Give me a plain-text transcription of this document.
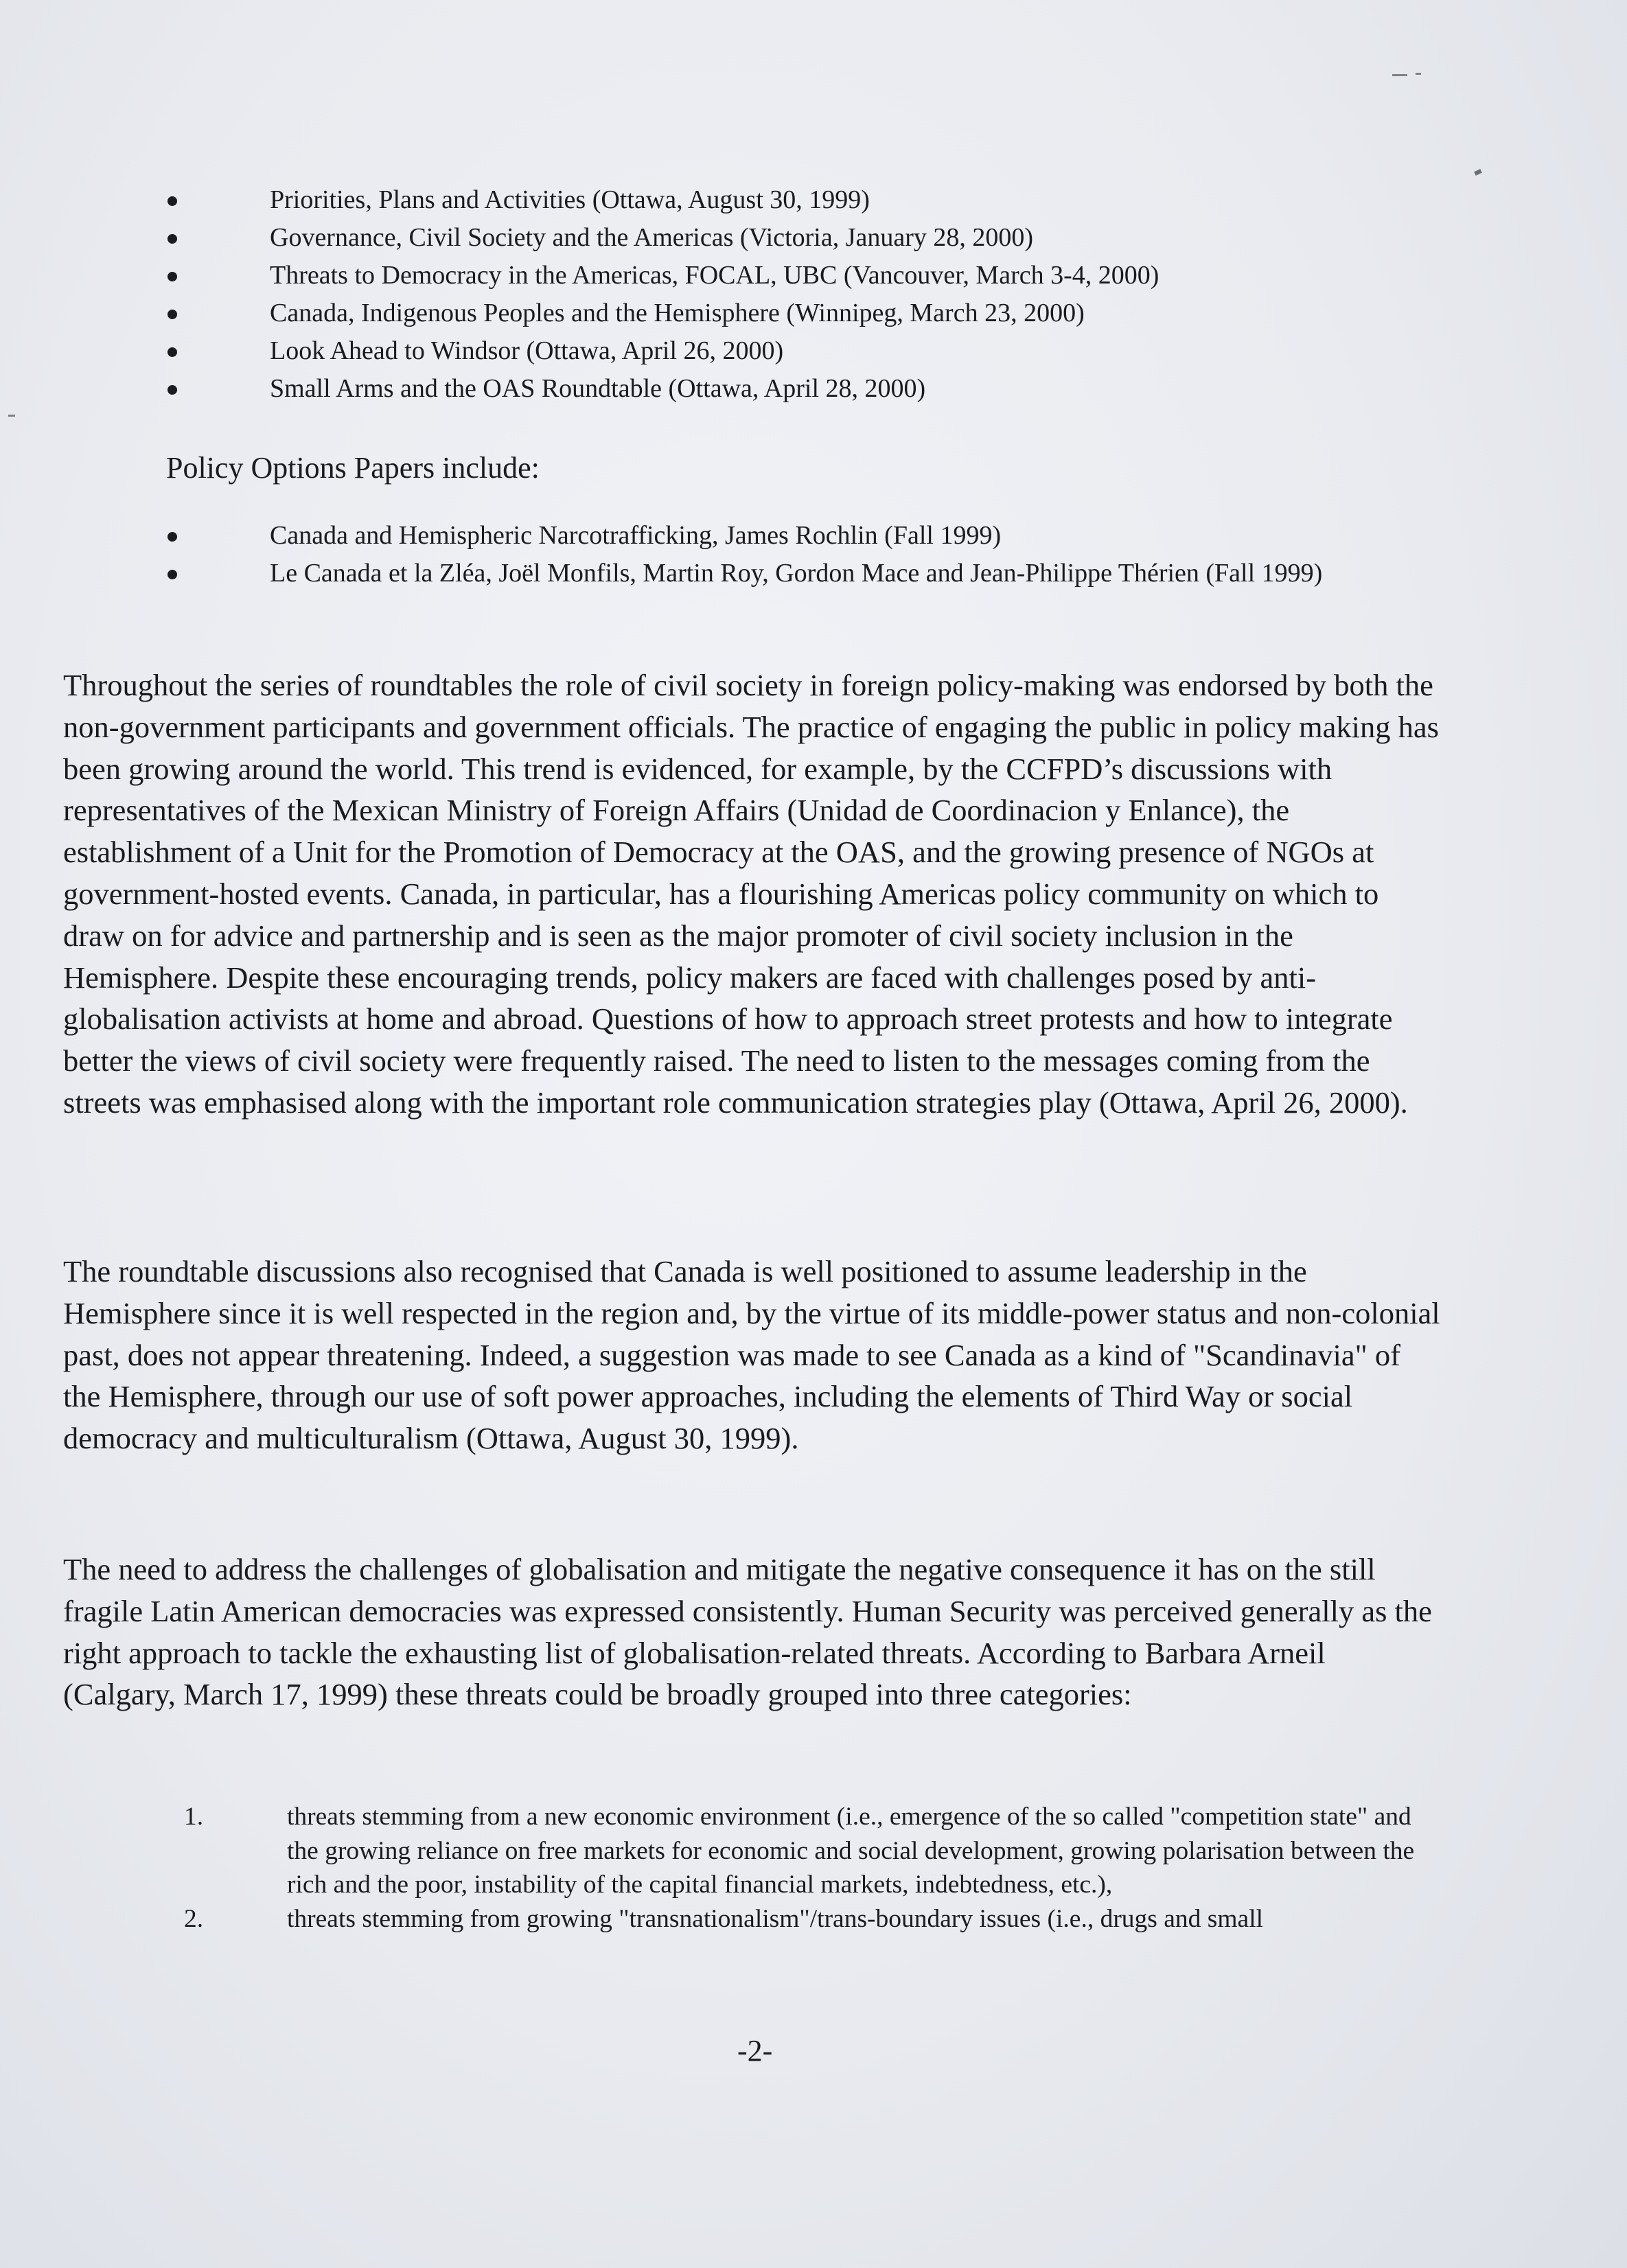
Priorities, Plans and Activities (Ottawa, August 30, 1999)
Governance, Civil Society and the Americas (Victoria, January 28, 2000)
Threats to Democracy in the Americas, FOCAL, UBC (Vancouver, March 3-4, 2000)
Canada, Indigenous Peoples and the Hemisphere (Winnipeg, March 23, 2000)
Look Ahead to Windsor (Ottawa, April 26, 2000)
Small Arms and the OAS Roundtable (Ottawa, April 28, 2000)
Policy Options Papers include:
Canada and Hemispheric Narcotrafficking, James Rochlin (Fall 1999)
Le Canada et la Zléa, Joël Monfils, Martin Roy, Gordon Mace and Jean-Philippe Thérien (Fall 1999)

Throughout the series of roundtables the role of civil society in foreign policy-making was endorsed by both the non-government participants and government officials. The practice of engaging the public in policy making has been growing around the world. This trend is evidenced, for example, by the CCFPD’s discussions with representatives of the Mexican Ministry of Foreign Affairs (Unidad de Coordinacion y Enlance), the establishment of a Unit for the Promotion of Democracy at the OAS, and the growing presence of NGOs at government-hosted events. Canada, in particular, has a flourishing Americas policy community on which to draw on for advice and partnership and is seen as the major promoter of civil society inclusion in the Hemisphere. Despite these encouraging trends, policy makers are faced with challenges posed by anti-globalisation activists at home and abroad. Questions of how to approach street protests and how to integrate better the views of civil society were frequently raised. The need to listen to the messages coming from the streets was emphasised along with the important role communication strategies play (Ottawa, April 26, 2000).

The roundtable discussions also recognised that Canada is well positioned to assume leadership in the Hemisphere since it is well respected in the region and, by the virtue of its middle-power status and non-colonial past, does not appear threatening. Indeed, a suggestion was made to see Canada as a kind of "Scandinavia" of the Hemisphere, through our use of soft power approaches, including the elements of Third Way or social democracy and multiculturalism (Ottawa, August 30, 1999).

The need to address the challenges of globalisation and mitigate the negative consequence it has on the still fragile Latin American democracies was expressed consistently. Human Security was perceived generally as the right approach to tackle the exhausting list of globalisation-related threats. According to Barbara Arneil (Calgary, March 17, 1999) these threats could be broadly grouped into three categories:

1.	threats stemming from a new economic environment (i.e., emergence of the so called "competition state" and the growing reliance on free markets for economic and social development, growing polarisation between the rich and the poor, instability of the capital financial markets, indebtedness, etc.),
2.	threats stemming from growing "transnationalism"/trans-boundary issues (i.e., drugs and small
-2-
